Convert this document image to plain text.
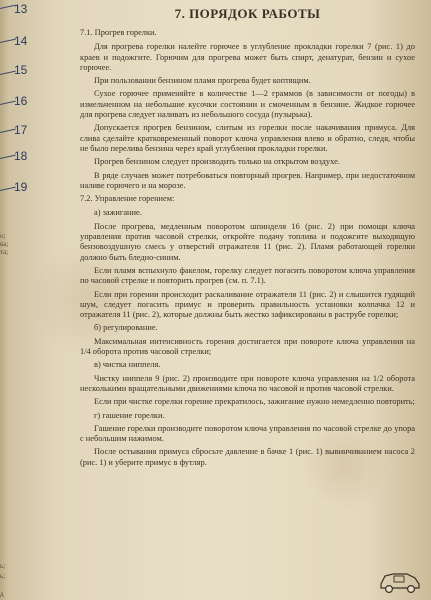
о;
ка;
та;
ь;
ь;
д
13
14
15
16
17
18
19
7. ПОРЯДОК РАБОТЫ

7.1. Прогрев горелки.

Для прогрева горелки налейте горючее в углубление прокладки горелки 7 (рис. 1) до краев и подожгите. Горючим для прогрева может быть спирт, денатурат, бензин и сухое горючее.

При пользовании бензином пламя прогрева будет коптящим.

Сухое горючее применяйте в количестве 1—2 граммов (в зависимости от погоды) в измельченном на небольшие кусочки состоянии и смоченным в бензине. Жидкое горючее для прогрева следует наливать из небольшого сосуда (пузырька).

Допускается прогрев бензином, слитым из горелки после накачивания примуса. Для слива сделайте кратковременный поворот ключа управления влево и обратно, следя, чтобы не было перелива бензина через край углубления прокладки горелки.

Прогрев бензином следует производить только на открытом воздухе.

В ряде случаев может потребоваться повторный прогрев. Например, при недостаточном наливе горючего и на морозе.

7.2. Управление горением:

а) зажигание.

После прогрева, медленным поворотом шпинделя 16 (рис. 2) при помощи ключа управления против часовой стрелки, откройте подачу топлива и подожгите выходящую бензовоздушную смесь у отверстий отражателя 11 (рис. 2). Пламя работающей горелки должно быть бледно-синим.

Если пламя вспыхнуло факелом, горелку следует погасить поворотом ключа управления по часовой стрелке и повторить прогрев (см. п. 7.1).

Если при горении происходит раскаливание отражателя 11 (рис. 2) и слышится гудящий шум, следует погасить примус и проверить правильность установки колпачка 12 и отражателя 11 (рис. 2), которые должны быть жестко зафиксированы в раструбе горелки;

б) регулирование.

Максимальная интенсивность горения достигается при повороте ключа управления на 1/4 оборота против часовой стрелки;

в) чистка ниппеля.

Чистку ниппеля 9 (рис. 2) производите при повороте ключа управления на 1/2 оборота несколькими вращательными движениями ключа по часовой и против часовой стрелки.

Если при чистке горелки горение прекратилось, зажигание нужно немедленно повторить;

г) гашение горелки.

Гашение горелки производите поворотом ключа управления по часовой стрелке до упора с небольшим нажимом.

После остывания примуса сбросьте давление в бачке 1 (рис. 1) вывинчиванием насоса 2 (рис. 1) и уберите примус в футляр.
